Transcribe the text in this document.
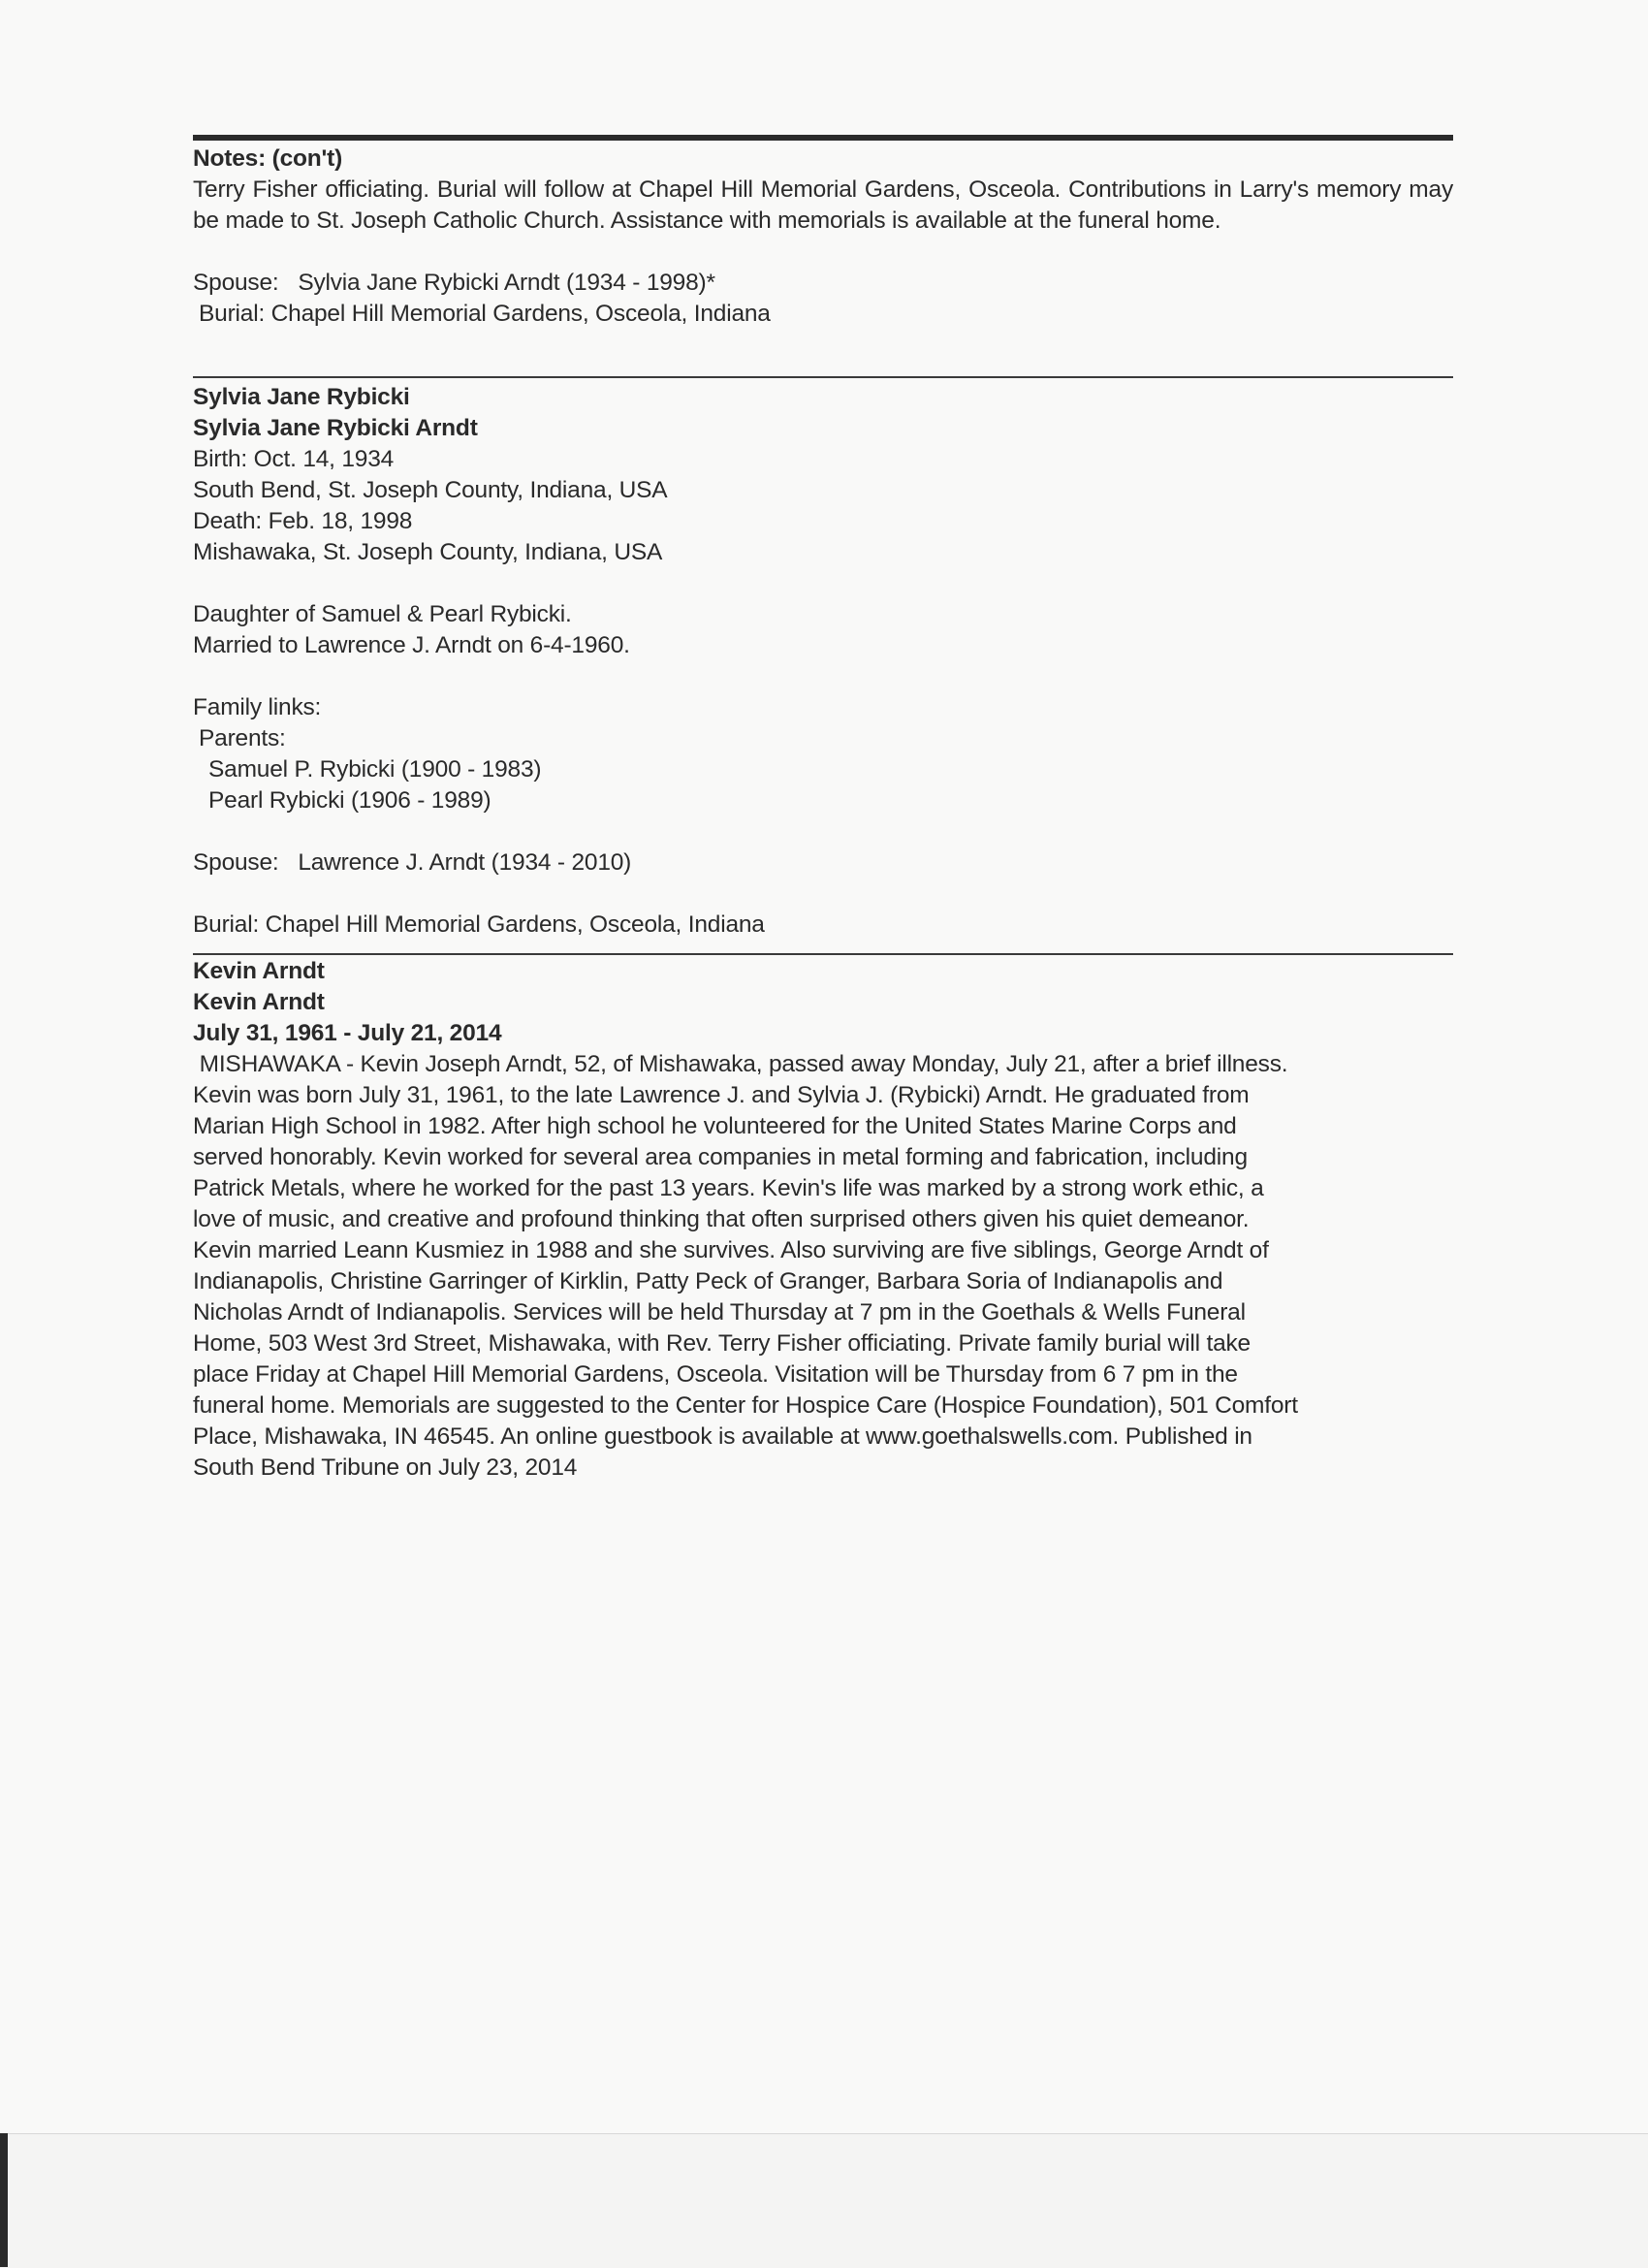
Notes: (con't)
Terry Fisher officiating. Burial will follow at Chapel Hill Memorial Gardens, Osceola. Contributions in Larry's memory may be made to St. Joseph Catholic Church. Assistance with memorials is available at the funeral home.
Spouse:   Sylvia Jane Rybicki Arndt (1934 - 1998)*
Burial: Chapel Hill Memorial Gardens, Osceola, Indiana
Sylvia Jane Rybicki
Sylvia Jane Rybicki Arndt
Birth: Oct. 14, 1934
South Bend, St. Joseph County, Indiana, USA
Death: Feb. 18, 1998
Mishawaka, St. Joseph County, Indiana, USA
Daughter of Samuel & Pearl Rybicki.
Married to Lawrence J. Arndt on 6-4-1960.
Family links:
Parents:
Samuel P. Rybicki (1900 - 1983)
Pearl Rybicki (1906 - 1989)
Spouse:   Lawrence J. Arndt (1934 - 2010)
Burial: Chapel Hill Memorial Gardens, Osceola, Indiana
Kevin Arndt
Kevin Arndt
July 31, 1961 - July 21, 2014
MISHAWAKA - Kevin Joseph Arndt, 52, of Mishawaka, passed away Monday, July 21, after a brief illness.
Kevin was born July 31, 1961, to the late Lawrence J. and Sylvia J. (Rybicki) Arndt. He graduated from
Marian High School in 1982. After high school he volunteered for the United States Marine Corps and
served honorably. Kevin worked for several area companies in metal forming and fabrication, including
Patrick Metals, where he worked for the past 13 years. Kevin's life was marked by a strong work ethic, a
love of music, and creative and profound thinking that often surprised others given his quiet demeanor.
Kevin married Leann Kusmiez in 1988 and she survives. Also surviving are five siblings, George Arndt of
Indianapolis, Christine Garringer of Kirklin, Patty Peck of Granger, Barbara Soria of Indianapolis and
Nicholas Arndt of Indianapolis. Services will be held Thursday at 7 pm in the Goethals & Wells Funeral
Home, 503 West 3rd Street, Mishawaka, with Rev. Terry Fisher officiating. Private family burial will take
place Friday at Chapel Hill Memorial Gardens, Osceola. Visitation will be Thursday from 6 7 pm in the
funeral home. Memorials are suggested to the Center for Hospice Care (Hospice Foundation), 501 Comfort
Place, Mishawaka, IN 46545. An online guestbook is available at www.goethalswells.com. Published in
South Bend Tribune on July 23, 2014
